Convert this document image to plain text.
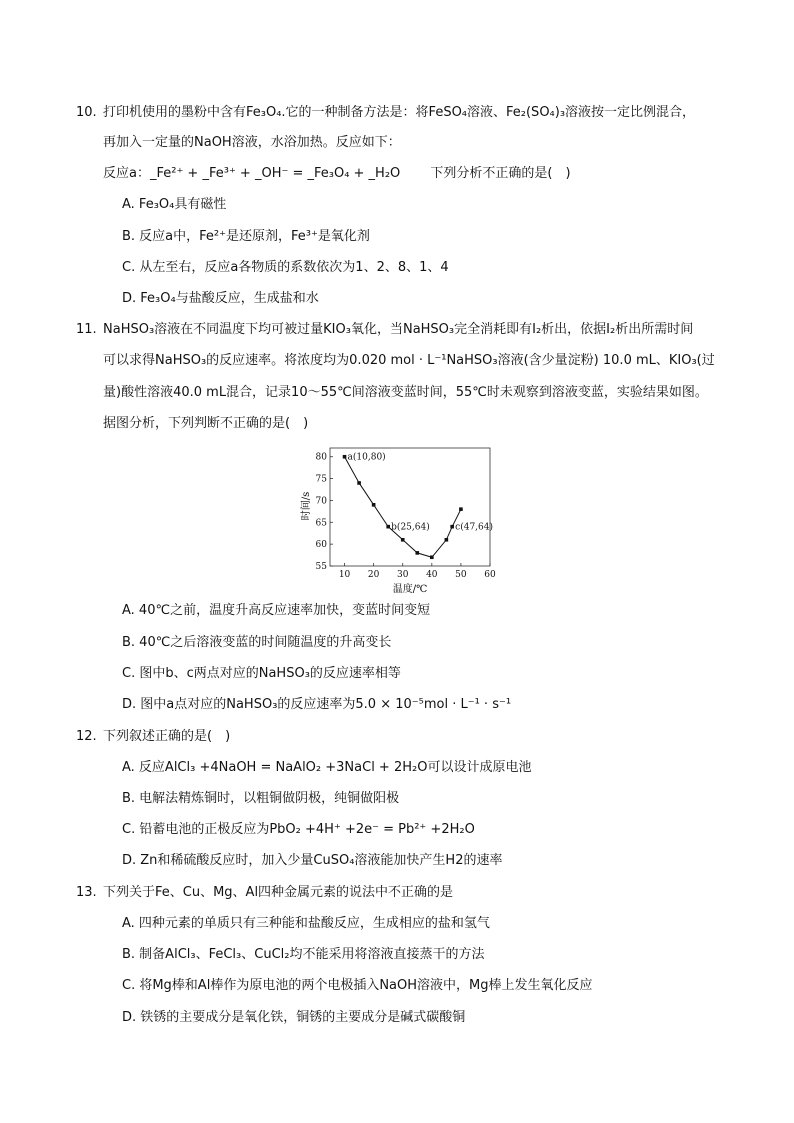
10. 打印机使用的墨粉中含有Fe₃O₄.它的一种制备方法是：将FeSO₄溶液、Fe₂(SO₄)₃溶液按一定比例混合，
再加入一定量的NaOH溶液，水浴加热。反应如下：
反应a：_Fe²⁺ + _Fe³⁺ + _OH⁻ = _Fe₃O₄ + _H₂O 　　下列分析不正确的是(　)
A. Fe₃O₄具有磁性
B. 反应a中，Fe²⁺是还原剂，Fe³⁺是氧化剂
C. 从左至右，反应a各物质的系数依次为1、2、8、1、4
D. Fe₃O₄与盐酸反应，生成盐和水
11. NaHSO₃溶液在不同温度下均可被过量KIO₃氧化，当NaHSO₃完全消耗即有I₂析出，依据I₂析出所需时间
可以求得NaHSO₃的反应速率。将浓度均为0.020 mol · L⁻¹NaHSO₃溶液(含少量淀粉) 10.0 mL、KIO₃(过
量)酸性溶液40.0 mL混合，记录10～55℃间溶液变蓝时间，55℃时未观察到溶液变蓝，实验结果如图。
据图分析，下列判断不正确的是(　)
10 20 30 40 50 60
55
60
65
70
75
80 a(10,80)
b(25,64)	c(47,64)
温度/℃
时间/s
A. 40℃之前，温度升高反应速率加快，变蓝时间变短
B. 40℃之后溶液变蓝的时间随温度的升高变长
C. 图中b、c两点对应的NaHSO₃的反应速率相等
D. 图中a点对应的NaHSO₃的反应速率为5.0 × 10⁻⁵mol · L⁻¹ · s⁻¹
12. 下列叙述正确的是(　)
A. 反应AlCl₃ +4NaOH = NaAlO₂ +3NaCl + 2H₂O可以设计成原电池
B. 电解法精炼铜时，以粗铜做阴极，纯铜做阳极
C. 铅蓄电池的正极反应为PbO₂ +4H⁺ +2e⁻ = Pb²⁺ +2H₂O
D. Zn和稀硫酸反应时，加入少量CuSO₄溶液能加快产生H2的速率
13. 下列关于Fe、Cu、Mg、Al四种金属元素的说法中不正确的是
A. 四种元素的单质只有三种能和盐酸反应，生成相应的盐和氢气
B. 制备AlCl₃、FeCl₃、CuCl₂均不能采用将溶液直接蒸干的方法
C. 将Mg棒和Al棒作为原电池的两个电极插入NaOH溶液中，Mg棒上发生氧化反应
D. 铁锈的主要成分是氧化铁，铜锈的主要成分是碱式碳酸铜
